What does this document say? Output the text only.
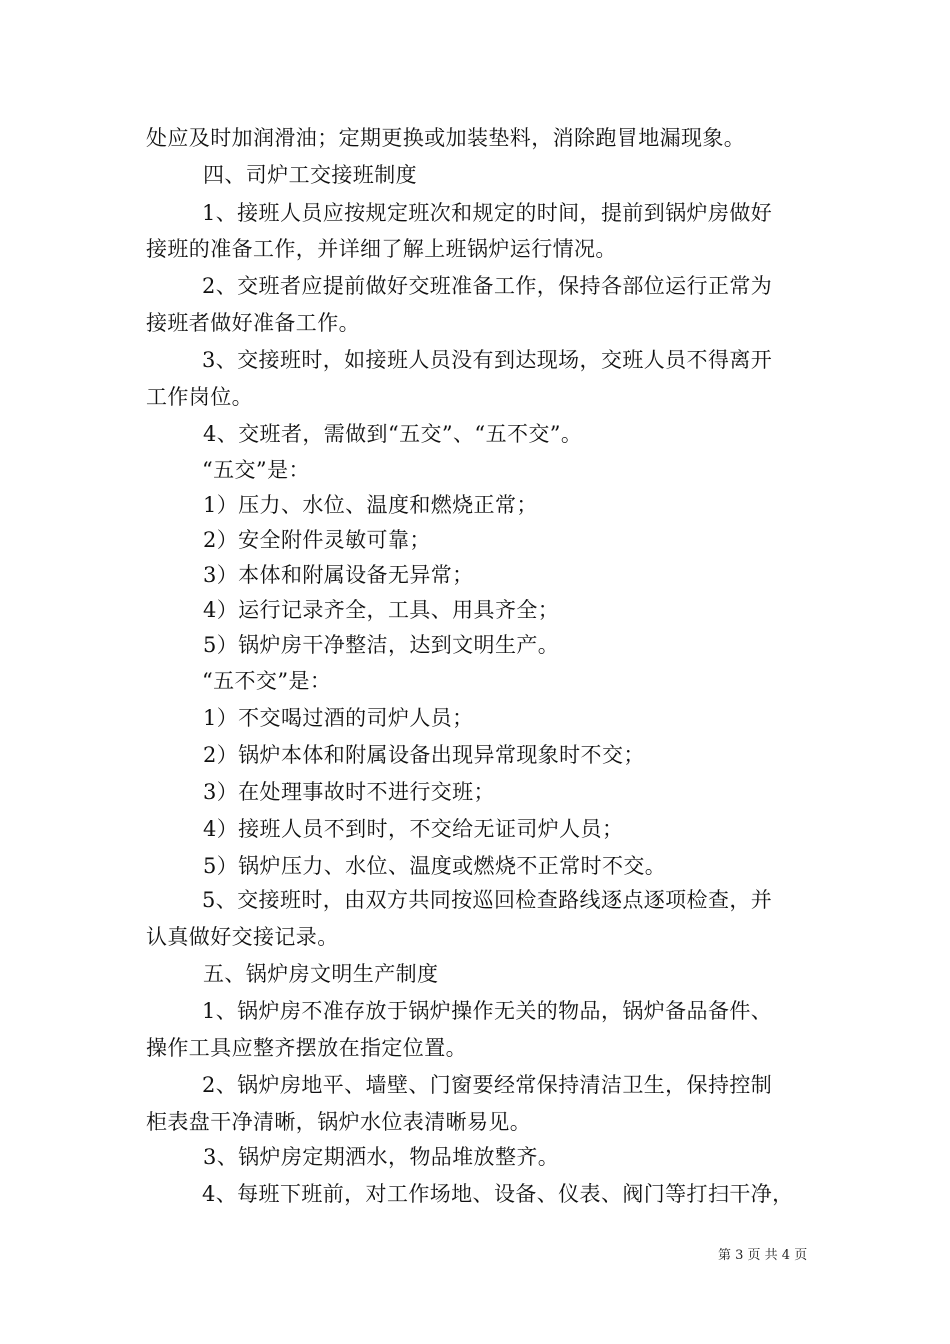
处应及时加润滑油；定期更换或加装垫料，消除跑冒地漏现象。
四、司炉工交接班制度
1、接班人员应按规定班次和规定的时间，提前到锅炉房做好
接班的准备工作，并详细了解上班锅炉运行情况。
2、交班者应提前做好交班准备工作，保持各部位运行正常为
接班者做好准备工作。
3、交接班时，如接班人员没有到达现场，交班人员不得离开
工作岗位。
4、交班者，需做到“五交”、“五不交”。
“五交”是：
1）压力、水位、温度和燃烧正常；
2）安全附件灵敏可靠；
3）本体和附属设备无异常；
4）运行记录齐全，工具、用具齐全；
5）锅炉房干净整洁，达到文明生产。
“五不交”是：
1）不交喝过酒的司炉人员；
2）锅炉本体和附属设备出现异常现象时不交；
3）在处理事故时不进行交班；
4）接班人员不到时，不交给无证司炉人员；
5）锅炉压力、水位、温度或燃烧不正常时不交。
5、交接班时，由双方共同按巡回检查路线逐点逐项检查，并
认真做好交接记录。
五、锅炉房文明生产制度
1、锅炉房不准存放于锅炉操作无关的物品，锅炉备品备件、
操作工具应整齐摆放在指定位置。
2、锅炉房地平、墙壁、门窗要经常保持清洁卫生，保持控制
柜表盘干净清晰，锅炉水位表清晰易见。
3、锅炉房定期洒水，物品堆放整齐。
4、每班下班前，对工作场地、设备、仪表、阀门等打扫干净，
第 3 页 共 4 页
